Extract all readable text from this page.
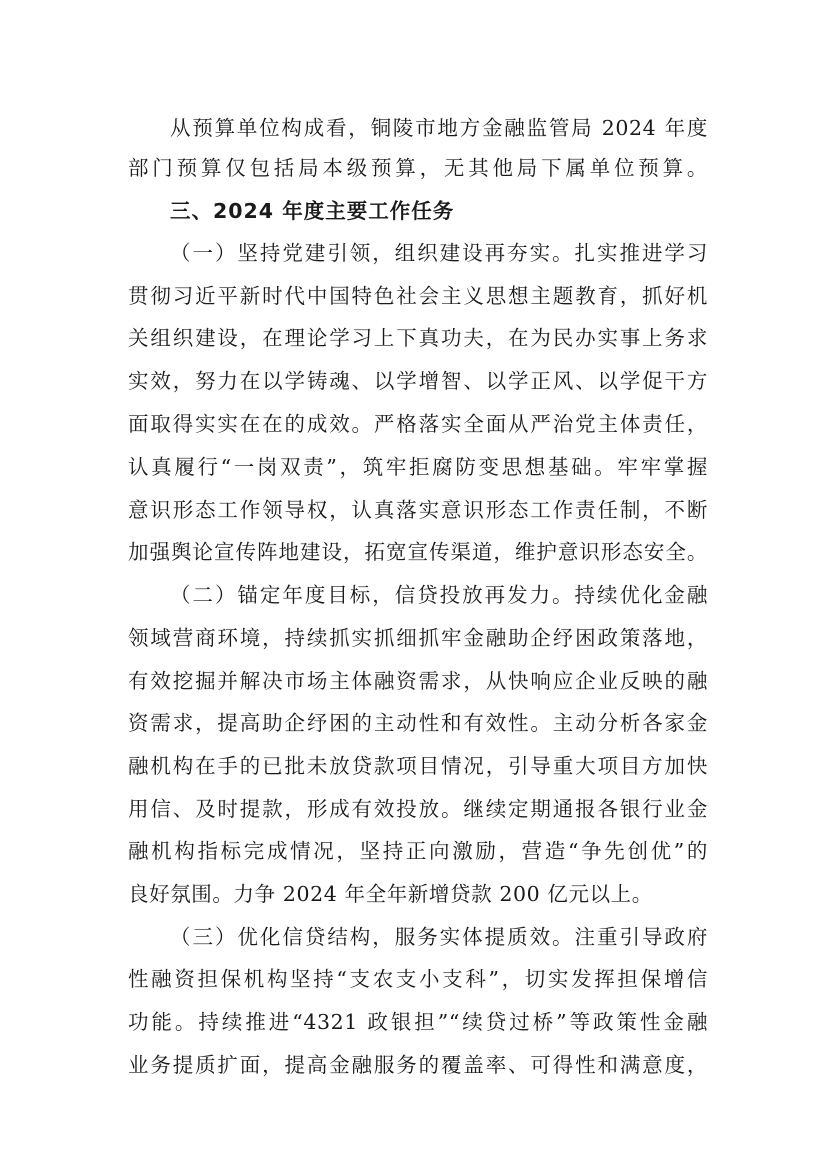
从预算单位构成看，铜陵市地方金融监管局 2024 年度
部门预算仅包括局本级预算，无其他局下属单位预算。
三、2024 年度主要工作任务
（一）坚持党建引领，组织建设再夯实。扎实推进学习
贯彻习近平新时代中国特色社会主义思想主题教育，抓好机
关组织建设，在理论学习上下真功夫，在为民办实事上务求
实效，努力在以学铸魂、以学增智、以学正风、以学促干方
面取得实实在在的成效。严格落实全面从严治党主体责任，
认真履行“一岗双责”，筑牢拒腐防变思想基础。牢牢掌握
意识形态工作领导权，认真落实意识形态工作责任制，不断
加强舆论宣传阵地建设，拓宽宣传渠道，维护意识形态安全。
（二）锚定年度目标，信贷投放再发力。持续优化金融
领域营商环境，持续抓实抓细抓牢金融助企纾困政策落地，
有效挖掘并解决市场主体融资需求，从快响应企业反映的融
资需求，提高助企纾困的主动性和有效性。主动分析各家金
融机构在手的已批未放贷款项目情况，引导重大项目方加快
用信、及时提款，形成有效投放。继续定期通报各银行业金
融机构指标完成情况，坚持正向激励，营造“争先创优”的
良好氛围。力争 2024 年全年新增贷款 200 亿元以上。
（三）优化信贷结构，服务实体提质效。注重引导政府
性融资担保机构坚持“支农支小支科”，切实发挥担保增信
功能。持续推进“4321 政银担”“续贷过桥”等政策性金融
业务提质扩面，提高金融服务的覆盖率、可得性和满意度，
